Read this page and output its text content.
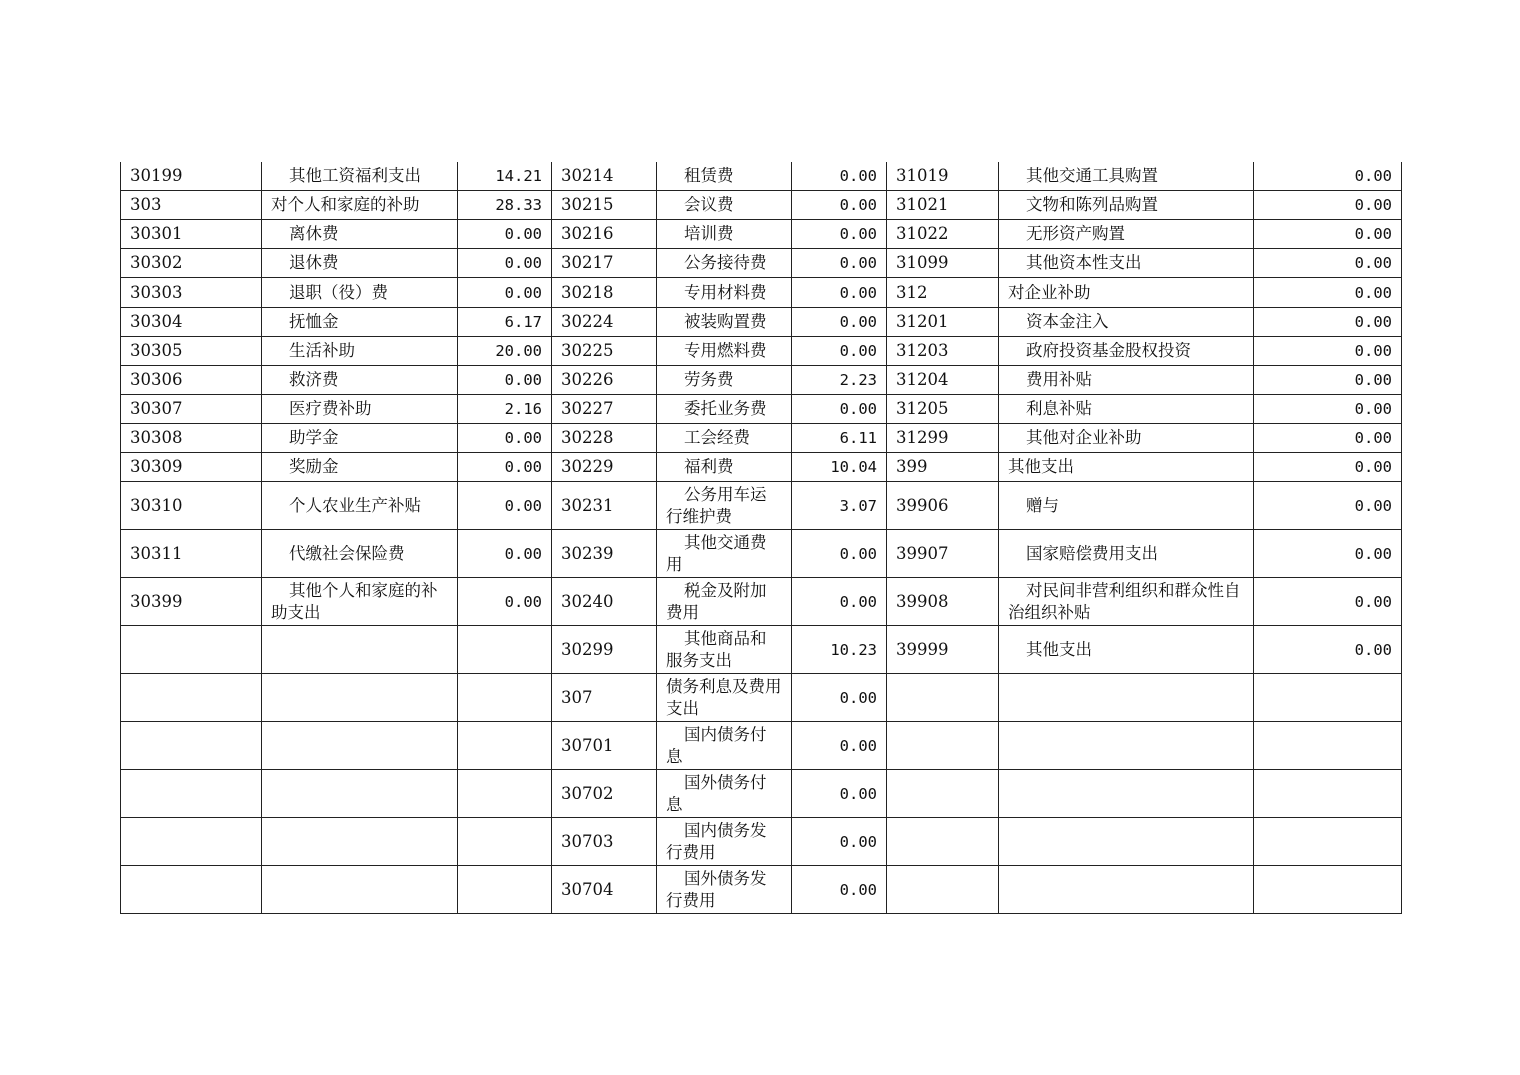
30199	其他工资福利支出	14.21	30214	租赁费	0.00	31019	其他交通工具购置	0.00
303	对个人和家庭的补助	28.33	30215	会议费	0.00	31021	文物和陈列品购置	0.00
30301	离休费	0.00	30216	培训费	0.00	31022	无形资产购置	0.00
30302	退休费	0.00	30217	公务接待费	0.00	31099	其他资本性支出	0.00
30303	退职（役）费	0.00	30218	专用材料费	0.00	312	对企业补助	0.00
30304	抚恤金	6.17	30224	被装购置费	0.00	31201	资本金注入	0.00
30305	生活补助	20.00	30225	专用燃料费	0.00	31203	政府投资基金股权投资	0.00
30306	救济费	0.00	30226	劳务费	2.23	31204	费用补贴	0.00
30307	医疗费补助	2.16	30227	委托业务费	0.00	31205	利息补贴	0.00
30308	助学金	0.00	30228	工会经费	6.11	31299	其他对企业补助	0.00
30309	奖励金	0.00	30229	福利费	10.04	399	其他支出	0.00
30310	个人农业生产补贴	0.00	30231	公务用车运行维护费	3.07	39906	赠与	0.00
30311	代缴社会保险费	0.00	30239	其他交通费用	0.00	39907	国家赔偿费用支出	0.00
30399	其他个人和家庭的补助支出	0.00	30240	税金及附加费用	0.00	39908	对民间非营利组织和群众性自治组织补贴	0.00
			30299	其他商品和服务支出	10.23	39999	其他支出	0.00
			307	债务利息及费用支出	0.00			
			30701	国内债务付息	0.00			
			30702	国外债务付息	0.00			
			30703	国内债务发行费用	0.00			
			30704	国外债务发行费用	0.00			
